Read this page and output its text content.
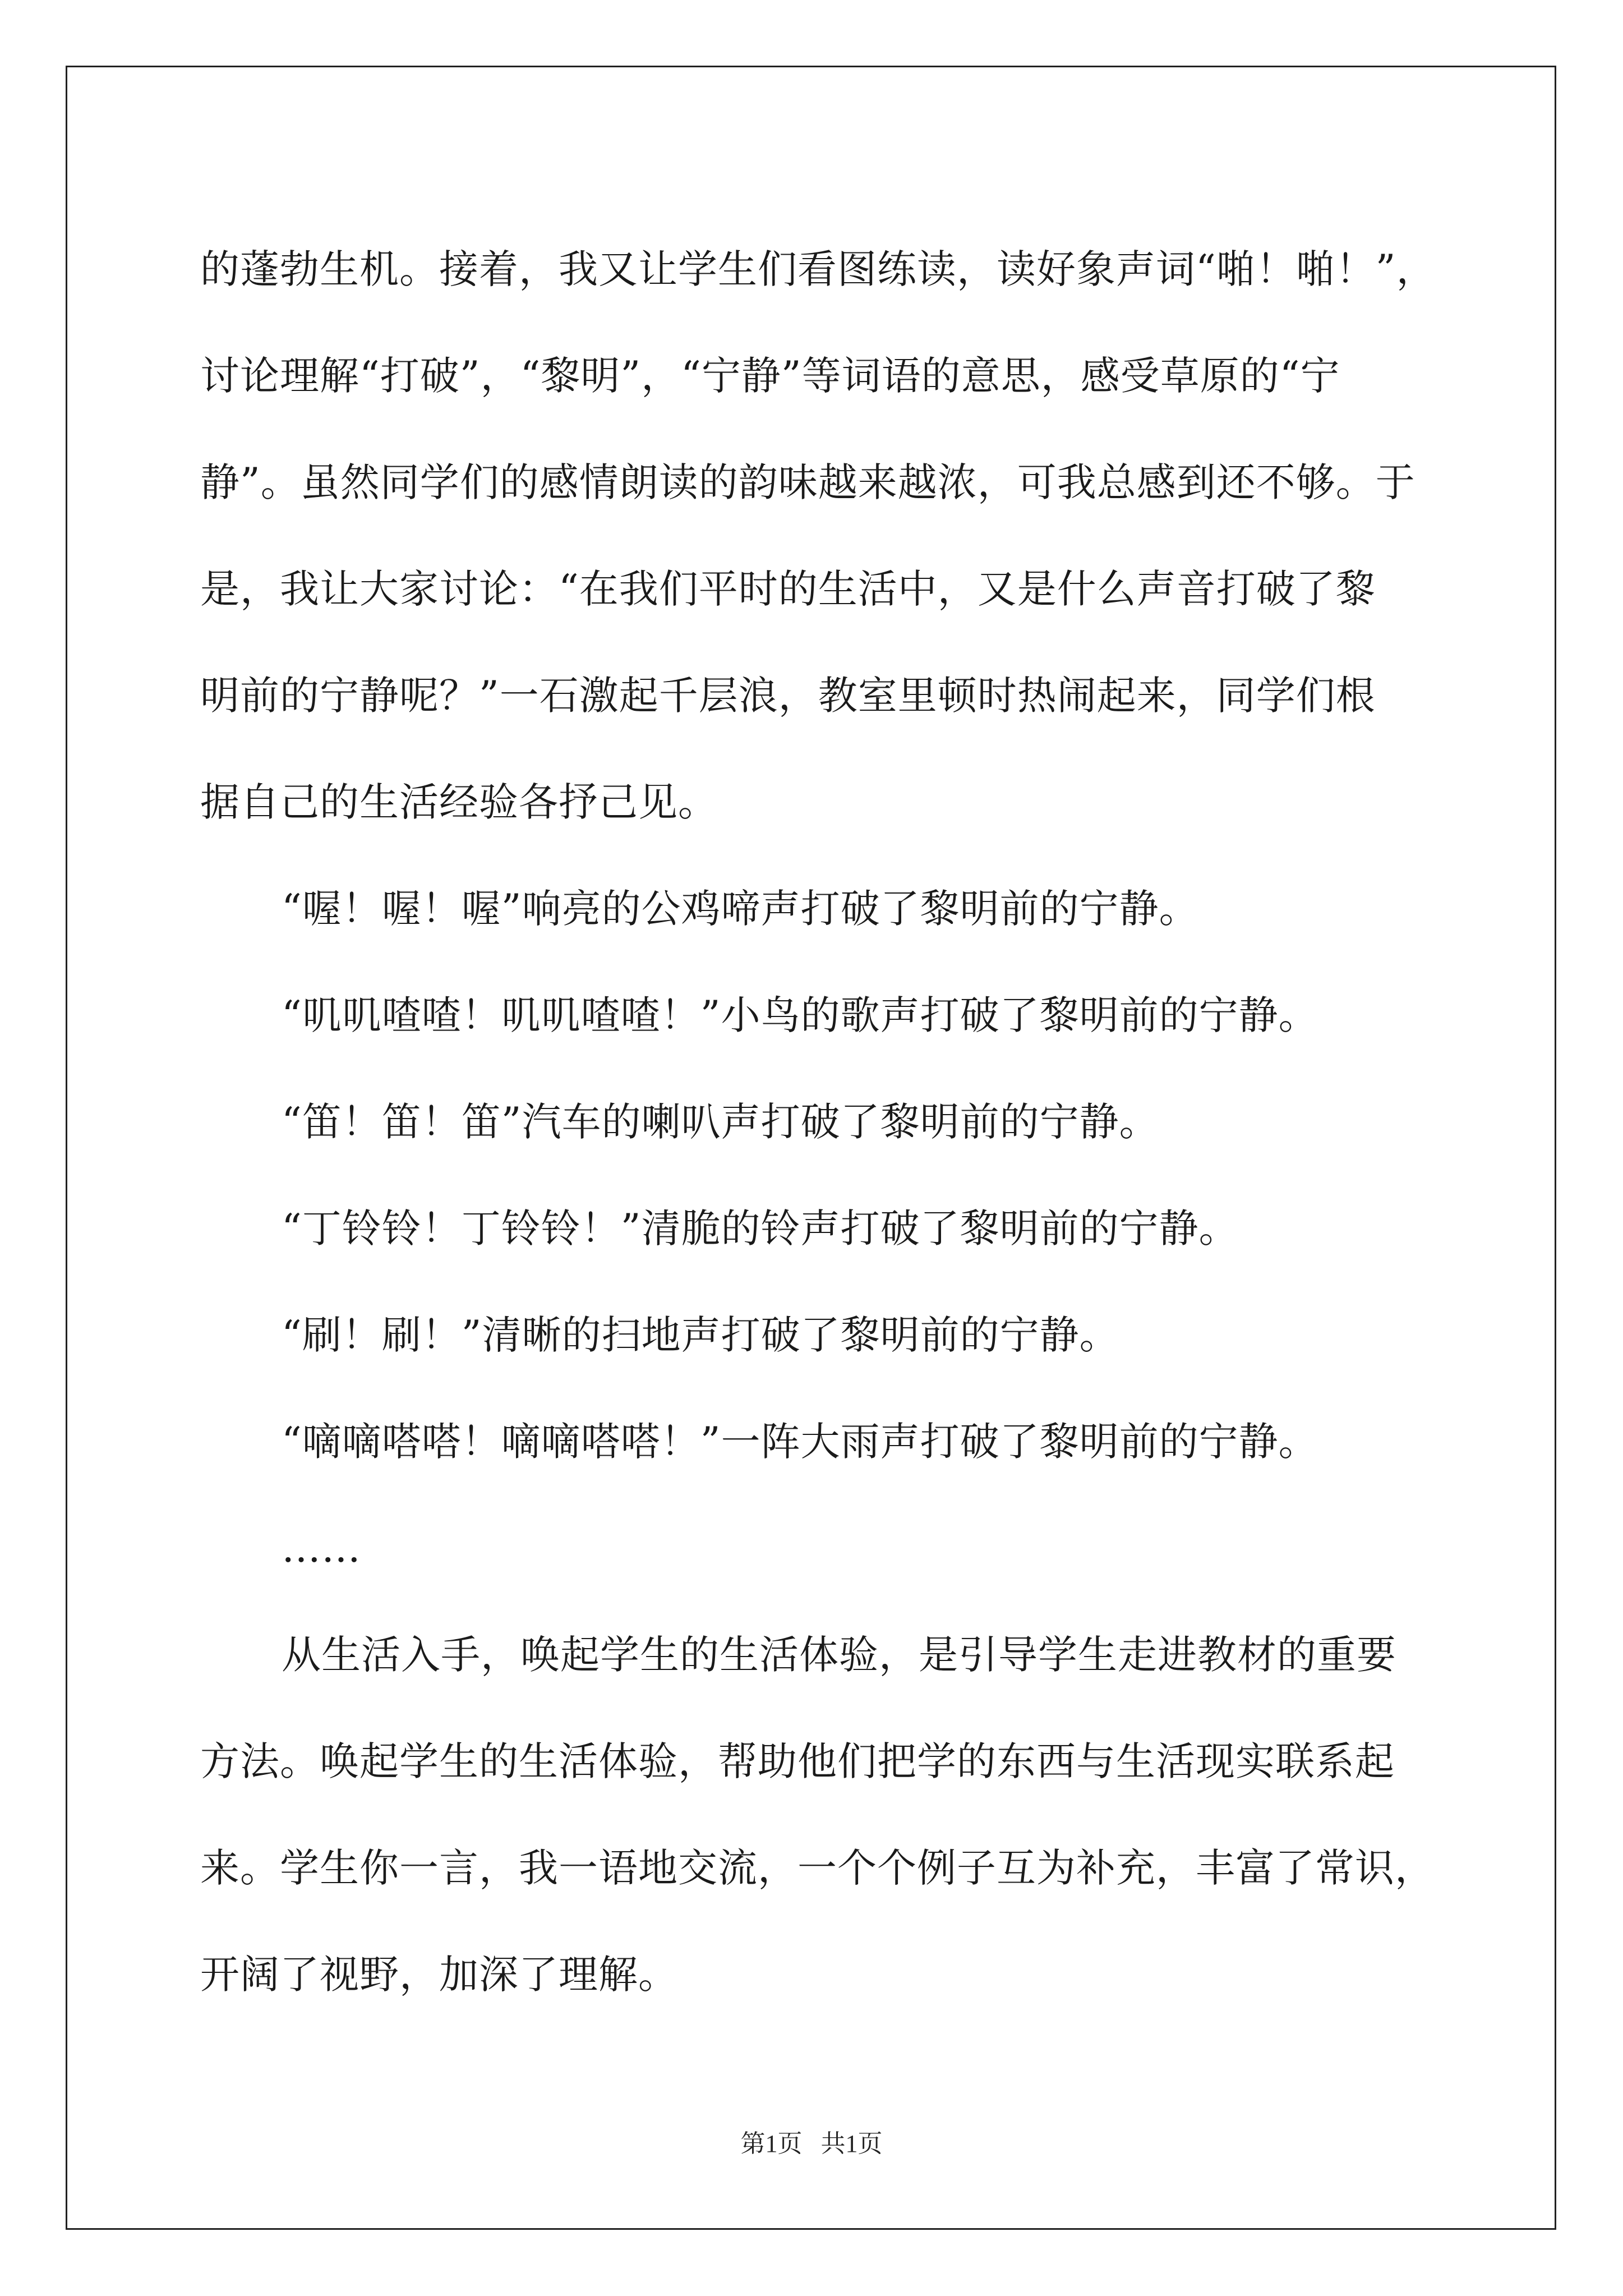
的蓬勃生机。接着，我又让学生们看图练读，读好象声词“啪！啪！”，
讨论理解“打破”，“黎明”，“宁静”等词语的意思，感受草原的“宁
静”。虽然同学们的感情朗读的韵味越来越浓，可我总感到还不够。于
是，我让大家讨论：“在我们平时的生活中，又是什么声音打破了黎
明前的宁静呢？”一石激起千层浪，教室里顿时热闹起来，同学们根
据自己的生活经验各抒己见。
“喔！喔！喔”响亮的公鸡啼声打破了黎明前的宁静。
“叽叽喳喳！叽叽喳喳！”小鸟的歌声打破了黎明前的宁静。
“笛！笛！笛”汽车的喇叭声打破了黎明前的宁静。
“丁铃铃！丁铃铃！”清脆的铃声打破了黎明前的宁静。
“刷！刷！”清晰的扫地声打破了黎明前的宁静。
“嘀嘀嗒嗒！嘀嘀嗒嗒！”一阵大雨声打破了黎明前的宁静。
……
从生活入手，唤起学生的生活体验，是引导学生走进教材的重要
方法。唤起学生的生活体验，帮助他们把学的东西与生活现实联系起
来。学生你一言，我一语地交流，一个个例子互为补充，丰富了常识，
开阔了视野，加深了理解。
第1页   共1页
